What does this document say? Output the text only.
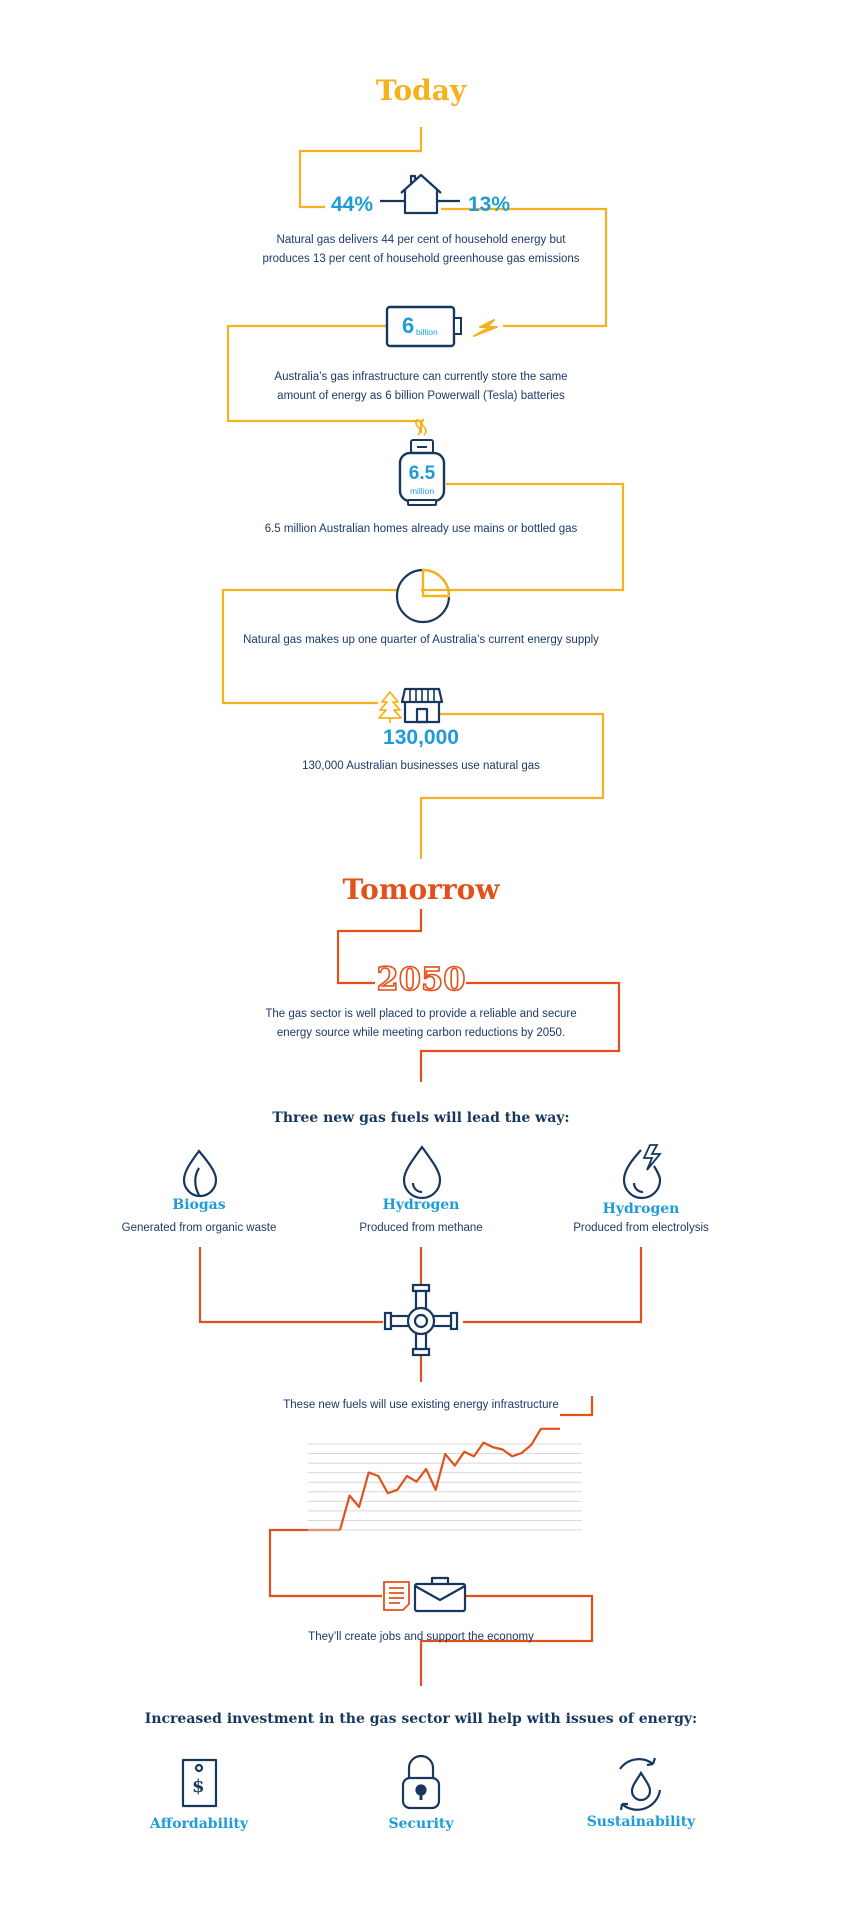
Today
44%	13%
Natural gas delivers 44 per cent of household energy but produces 13 per cent of household greenhouse gas emissions
6 billion
Australia’s gas infrastructure can currently store the same amount of energy as 6 billion Powerwall (Tesla) batteries
6.5
million
6.5 million Australian homes already use mains or bottled gas
Natural gas makes up one quarter of Australia’s current energy supply
130,000
130,000 Australian businesses use natural gas
Tomorrow
2050
The gas sector is well placed to provide a reliable and secure energy source while meeting carbon reductions by 2050.
Three new gas fuels will lead the way:
Biogas
Generated from organic waste
Hydrogen
Produced from methane
Hydrogen
Produced from electrolysis
These new fuels will use existing energy infrastructure
They’ll create jobs and support the economy
Increased investment in the gas sector will help with issues of energy:
$
Affordability	Security	Sustainability
